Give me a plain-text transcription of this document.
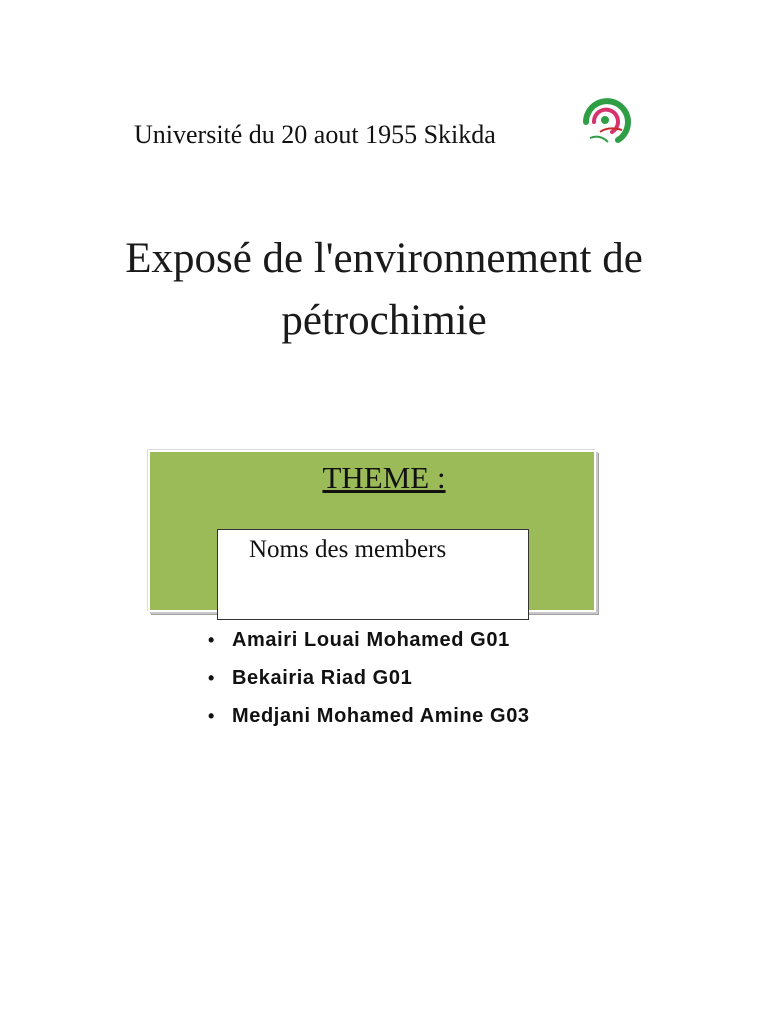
Université du 20 aout 1955 Skikda
Exposé de l'environnement de
pétrochimie
THEME :
Noms des members
• Amairi Louai Mohamed G01
• Bekairia Riad G01
• Medjani Mohamed Amine G03
